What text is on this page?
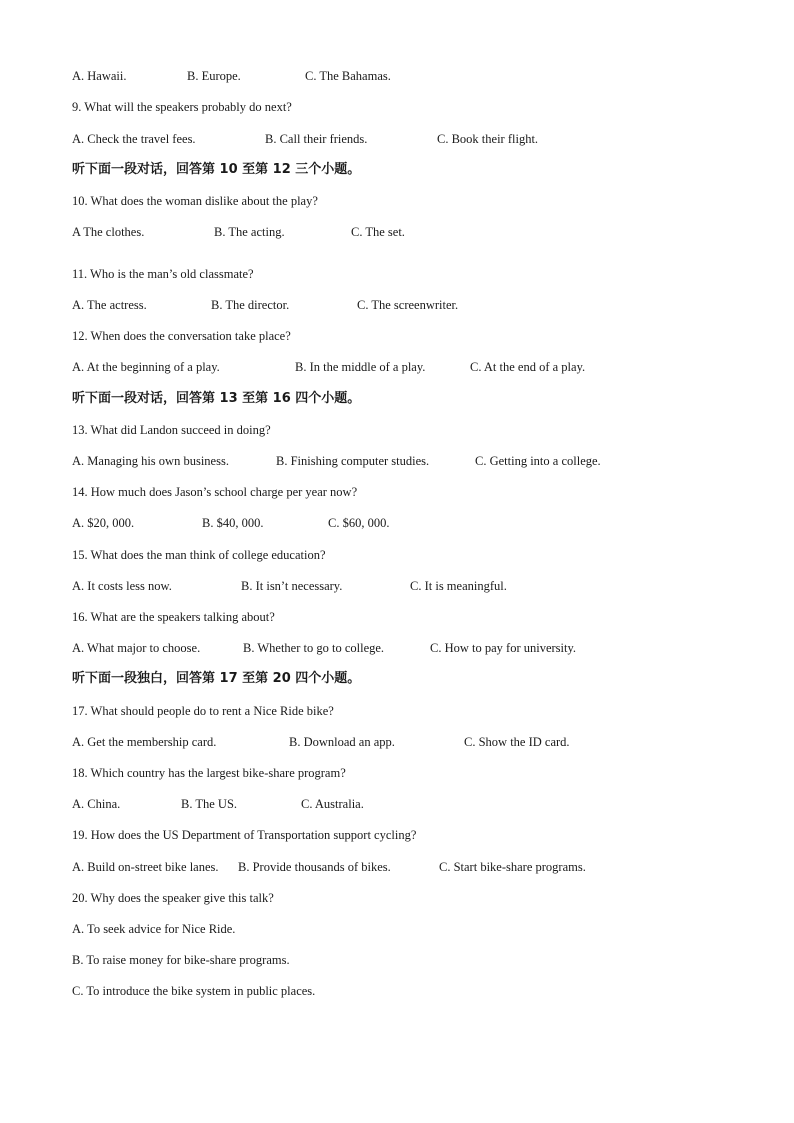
A. Hawaii.	B. Europe.	C. The Bahamas.
9. What will the speakers probably do next?
A. Check the travel fees.	B. Call their friends.	C. Book their flight.
听下面一段对话，回答第 10 至第 12 三个小题。
10. What does the woman dislike about the play?
A The clothes.	B. The acting.	C. The set.
11. Who is the man’s old classmate?
A. The actress.	B. The director.	C. The screenwriter.
12. When does the conversation take place?
A. At the beginning of a play.	B. In the middle of a play.	C. At the end of a play.
听下面一段对话，回答第 13 至第 16 四个小题。
13. What did Landon succeed in doing?
A. Managing his own business.	B. Finishing computer studies.	C. Getting into a college.
14. How much does Jason’s school charge per year now?
A. $20, 000.	B. $40, 000.	C. $60, 000.
15. What does the man think of college education?
A. It costs less now.	B. It isn’t necessary.	C. It is meaningful.
16. What are the speakers talking about?
A. What major to choose.	B. Whether to go to college.	C. How to pay for university.
听下面一段独白，回答第 17 至第 20 四个小题。
17. What should people do to rent a Nice Ride bike?
A. Get the membership card.	B. Download an app.	C. Show the ID card.
18. Which country has the largest bike-share program?
A. China.	B. The US.	C. Australia.
19. How does the US Department of Transportation support cycling?
A. Build on-street bike lanes. B. Provide thousands of bikes.	C. Start bike-share programs.
20. Why does the speaker give this talk?
A. To seek advice for Nice Ride.
B. To raise money for bike-share programs.
C. To introduce the bike system in public places.
